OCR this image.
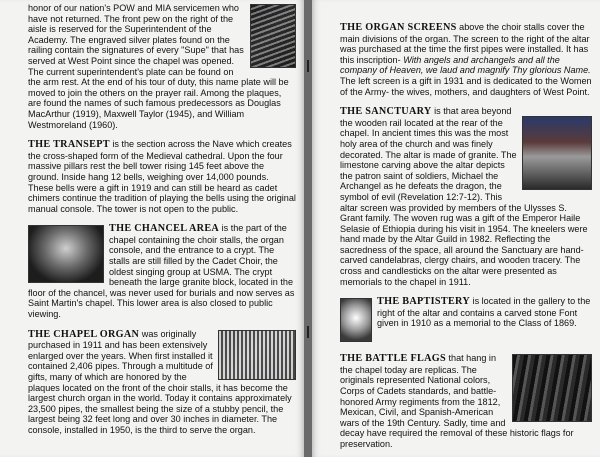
honor of our nation's POW and MIA servicemen who have not returned. The front pew on the right of the aisle is reserved for the Superintendent of the Academy. The engraved silver plates found on the railing contain the signatures of every "Supe" that has served at West Point since the chapel was opened. The current superintendent's plate can be found on the arm rest. At the end of his tour of duty, this name plate will be moved to join the others on the prayer rail. Among the plaques, are found the names of such famous predecessors as Douglas MacArthur (1919), Maxwell Taylor (1945), and William Westmoreland (1960).

THE TRANSEPT is the section across the Nave which creates the cross-shaped form of the Medieval cathedral. Upon the four massive pillars rest the bell tower rising 145 feet above the ground. Inside hang 12 bells, weighing over 14,000 pounds. These bells were a gift in 1919 and can still be heard as cadet chimers continue the tradition of playing the bells using the original manual console. The tower is not open to the public.

THE CHANCEL AREA is the part of the chapel containing the choir stalls, the organ console, and the entrance to a crypt. The stalls are still filled by the Cadet Choir, the oldest singing group at USMA. The crypt beneath the large granite block, located in the floor of the chancel, was never used for burials and now serves as Saint Martin's chapel. This lower area is also closed to public viewing.

THE CHAPEL ORGAN was originally purchased in 1911 and has been extensively enlarged over the years. When first installed it contained 2,406 pipes. Through a multitude of gifts, many of which are honored by the plaques located on the front of the choir stalls, it has become the largest church organ in the world. Today it contains approximately 23,500 pipes, the smallest being the size of a stubby pencil, the largest being 32 feet long and over 30 inches in diameter. The console, installed in 1950, is the third to serve the organ.

THE ORGAN SCREENS above the choir stalls cover the main divisions of the organ. The screen to the right of the altar was purchased at the time the first pipes were installed. It has this inscription- With angels and archangels and all the company of Heaven, we laud and magnify Thy glorious Name. The left screen is a gift in 1931 and is dedicated to the Women of the Army- the wives, mothers, and daughters of West Point.

THE SANCTUARY is that area beyond the wooden rail located at the rear of the chapel. In ancient times this was the most holy area of the church and was finely decorated. The altar is made of granite. The limestone carving above the altar depicts the patron saint of soldiers, Michael the Archangel as he defeats the dragon, the symbol of evil (Revelation 12:7-12). This altar screen was provided by members of the Ulysses S. Grant family. The woven rug was a gift of the Emperor Haile Selasie of Ethiopia during his visit in 1954. The kneelers were hand made by the Altar Guild in 1982. Reflecting the sacredness of the space, all around the Sanctuary are hand-carved candelabras, clergy chairs, and wooden tracery. The cross and candlesticks on the altar were presented as memorials to the chapel in 1911.

THE BAPTISTERY is located in the gallery to the right of the altar and contains a carved stone Font given in 1910 as a memorial to the Class of 1869.

THE BATTLE FLAGS that hang in the chapel today are replicas. The originals represented National colors, Corps of Cadets standards, and battle-honored Army regiments from the 1812, Mexican, Civil, and Spanish-American wars of the 19th Century. Sadly, time and decay have required the removal of these historic flags for preservation.
